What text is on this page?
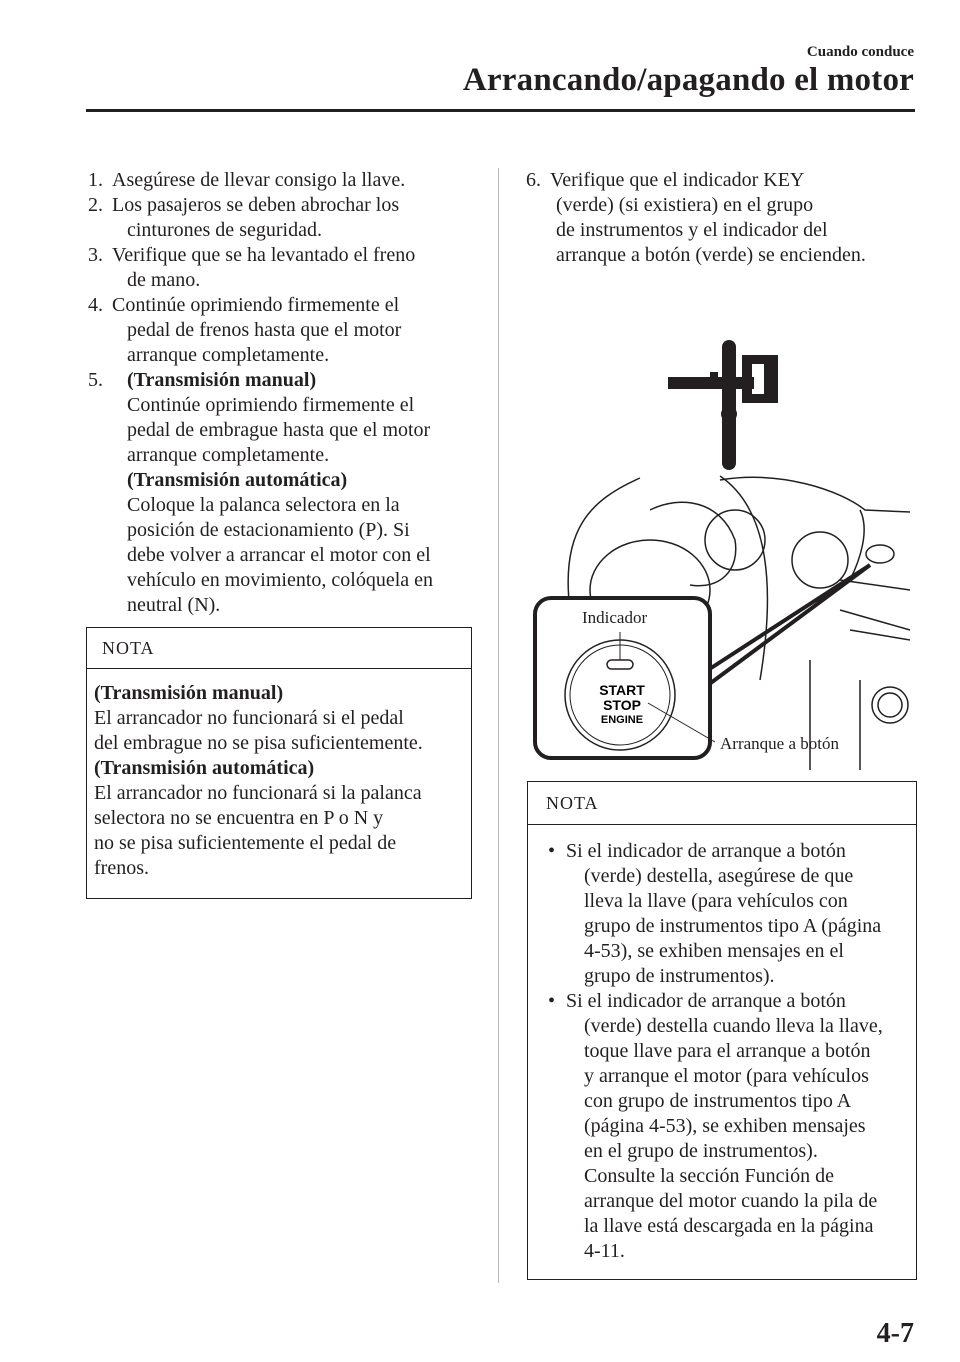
Cuando conduce
Arrancando/apagando el motor
NOTA
(Transmisión manual)
El arrancador no funcionará si el pedal
del embrague no se pisa suficientemente.
(Transmisión automática)
El arrancador no funcionará si la palanca
selectora no se encuentra en P o N y
no se pisa suficientemente el pedal de
frenos.
START
STOP
ENGINE
Indicador
Arranque a botón
NOTA
• Si el indicador de arranque a botón
(verde) destella, asegúrese de que
lleva la llave (para vehículos con
grupo de instrumentos tipo A (página
4-53), se exhiben mensajes en el
grupo de instrumentos).
• Si el indicador de arranque a botón
(verde) destella cuando lleva la llave,
toque llave para el arranque a botón
y arranque el motor (para vehículos
con grupo de instrumentos tipo A
(página 4-53), se exhiben mensajes
en el grupo de instrumentos).
Consulte la sección Función de
arranque del motor cuando la pila de
la llave está descargada en la página
4-11.
4-7
1. Asegúrese de llevar consigo la llave.
2. Los pasajeros se deben abrochar los
cinturones de seguridad.
3. Verifique que se ha levantado el freno
de mano.
4. Continúe oprimiendo firmemente el
pedal de frenos hasta que el motor
arranque completamente.
5. (Transmisión manual)
Continúe oprimiendo firmemente el
pedal de embrague hasta que el motor
arranque completamente.
(Transmisión automática)
Coloque la palanca selectora en la
posición de estacionamiento (P). Si
debe volver a arrancar el motor con el
vehículo en movimiento, colóquela en
neutral (N).
6. Verifique que el indicador KEY
(verde) (si existiera) en el grupo
de instrumentos y el indicador del
arranque a botón (verde) se encienden.
